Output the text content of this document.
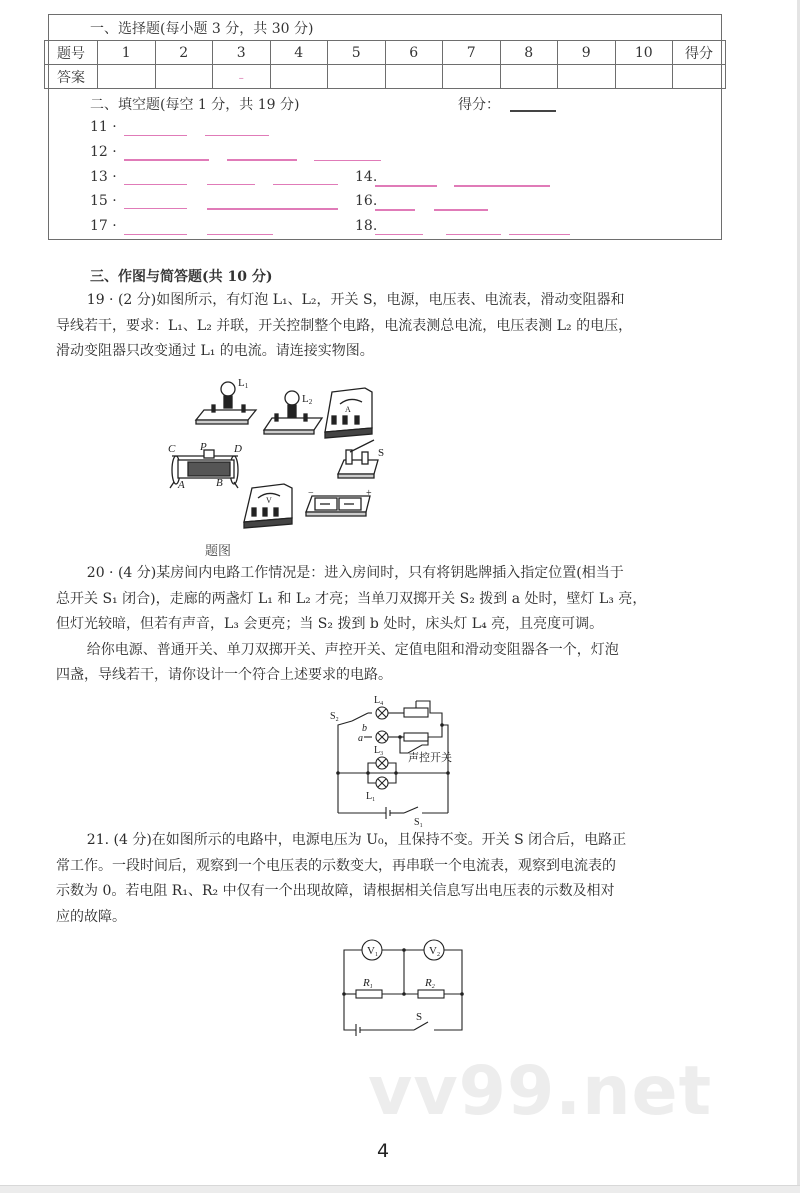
一、选择题(每小题 3 分，共 30 分)
题号	1	2	3	4	5	6	7	8	9	10	得分
答案			–								
二、填空题(每空 1 分，共 19 分)	得分：
11 ·
12 ·
13 ·	14.
15 ·	16.
17 ·	18.
三、作图与简答题(共 10 分)

19 · (2 分)如图所示，有灯泡 L₁、L₂，开关 S，电源，电压表、电流表，滑动变阻器和

导线若干，要求：L₁、L₂ 并联，开关控制整个电路，电流表测总电流，电压表测 L₂ 的电压，

滑动变阻器只改变通过 L₁ 的电流。请连接实物图。

L1
L2
A
C P D
A	B
S
V
−	+
题图

20 · (4 分)某房间内电路工作情况是：进入房间时，只有将钥匙牌插入指定位置(相当于

总开关 S₁ 闭合)，走廊的两盏灯 L₁ 和 L₂ 才亮；当单刀双掷开关 S₂ 拨到 a 处时，壁灯 L₃ 亮，

但灯光较暗，但若有声音，L₃ 会更亮；当 S₂ 拨到 b 处时，床头灯 L₄ 亮，且亮度可调。

给你电源、普通开关、单刀双掷开关、声控开关、定值电阻和滑动变阻器各一个，灯泡

四盏，导线若干，请你设计一个符合上述要求的电路。

$S_2$
$L_4$
b
a
$L_3$ 声控开关
$L_1$
$S_1$

21. (4 分)在如图所示的电路中，电源电压为 U₀，且保持不变。开关 S 闭合后，电路正

常工作。一段时间后，观察到一个电压表的示数变大，再串联一个电流表，观察到电流表的

示数为 0。若电阻 R₁、R₂ 中仅有一个出现故障，请根据相关信息写出电压表的示数及相对

应的故障。

V1	V2
R1	R2
S
vv99.net
4
